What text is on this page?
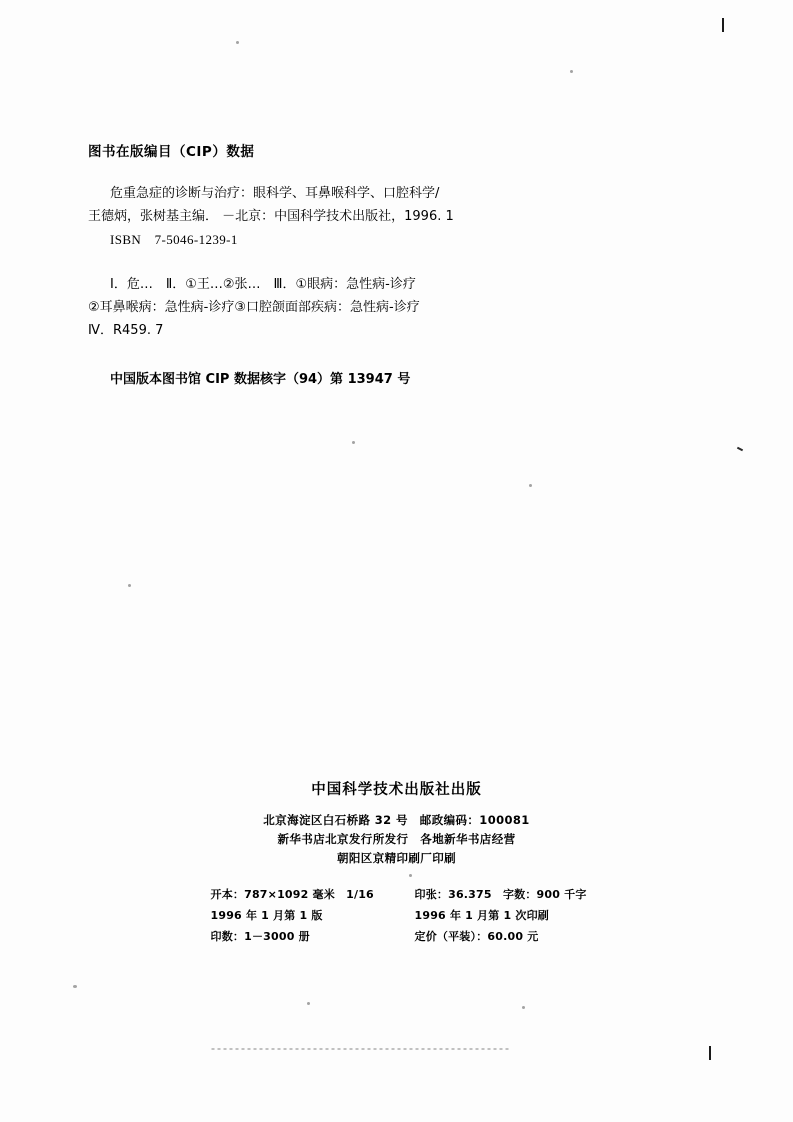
图书在版编目（CIP）数据
危重急症的诊断与治疗：眼科学、耳鼻喉科学、口腔科学/
王德炳，张树基主编． －北京：中国科学技术出版社，1996. 1
ISBN　7-5046-1239-1
Ⅰ．危…　Ⅱ．①王…②张…　Ⅲ．①眼病：急性病-诊疗
②耳鼻喉病：急性病-诊疗③口腔颌面部疾病：急性病-诊疗
Ⅳ．R459. 7
中国版本图书馆 CIP 数据核字（94）第 13947 号
中国科学技术出版社出版
北京海淀区白石桥路 32 号　邮政编码：100081
新华书店北京发行所发行　各地新华书店经营
朝阳区京精印刷厂印刷
开本：787×1092 毫米　1/16	印张：36.375　字数：900 千字
1996 年 1 月第 1 版	1996 年 1 月第 1 次印刷
印数：1－3000 册	定价（平装）：60.00 元
